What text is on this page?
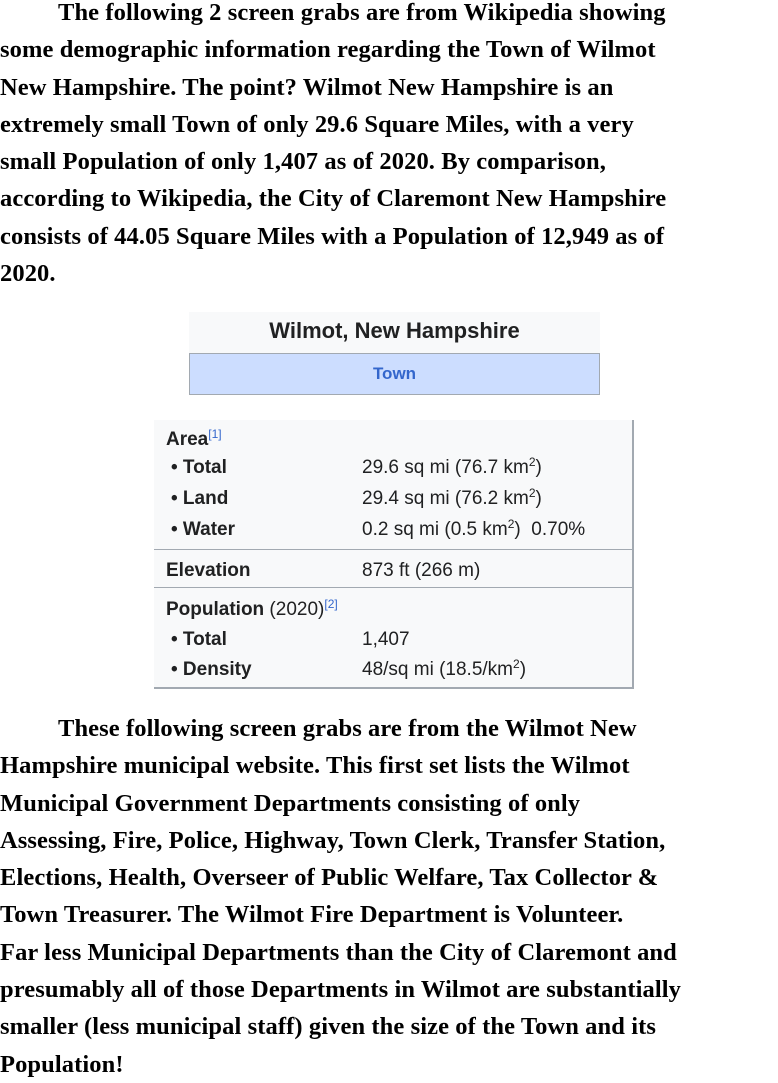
The following 2 screen grabs are from Wikipedia showing
some demographic information regarding the Town of Wilmot
New Hampshire. The point? Wilmot New Hampshire is an
extremely small Town of only 29.6 Square Miles, with a very
small Population of only 1,407 as of 2020. By comparison,
according to Wikipedia, the City of Claremont New Hampshire
consists of 44.05 Square Miles with a Population of 12,949 as of
2020.
Wilmot, New Hampshire
Town
Area[1]
• Total	29.6 sq mi (76.7 $km^2$)
• Land	29.4 sq mi (76.2 $km^2$)
• Water	0.2 sq mi (0.5 $km^2$) 0.70%
Elevation	873 ft (266 m)
Population (2020)[2]
• Total	1,407
• Density	48/sq mi $(18.5/km^2)$
These following screen grabs are from the Wilmot New
Hampshire municipal website. This first set lists the Wilmot
Municipal Government Departments consisting of only
Assessing, Fire, Police, Highway, Town Clerk, Transfer Station,
Elections, Health, Overseer of Public Welfare, Tax Collector &
Town Treasurer. The Wilmot Fire Department is Volunteer.
Far less Municipal Departments than the City of Claremont and
presumably all of those Departments in Wilmot are substantially
smaller (less municipal staff) given the size of the Town and its
Population!
